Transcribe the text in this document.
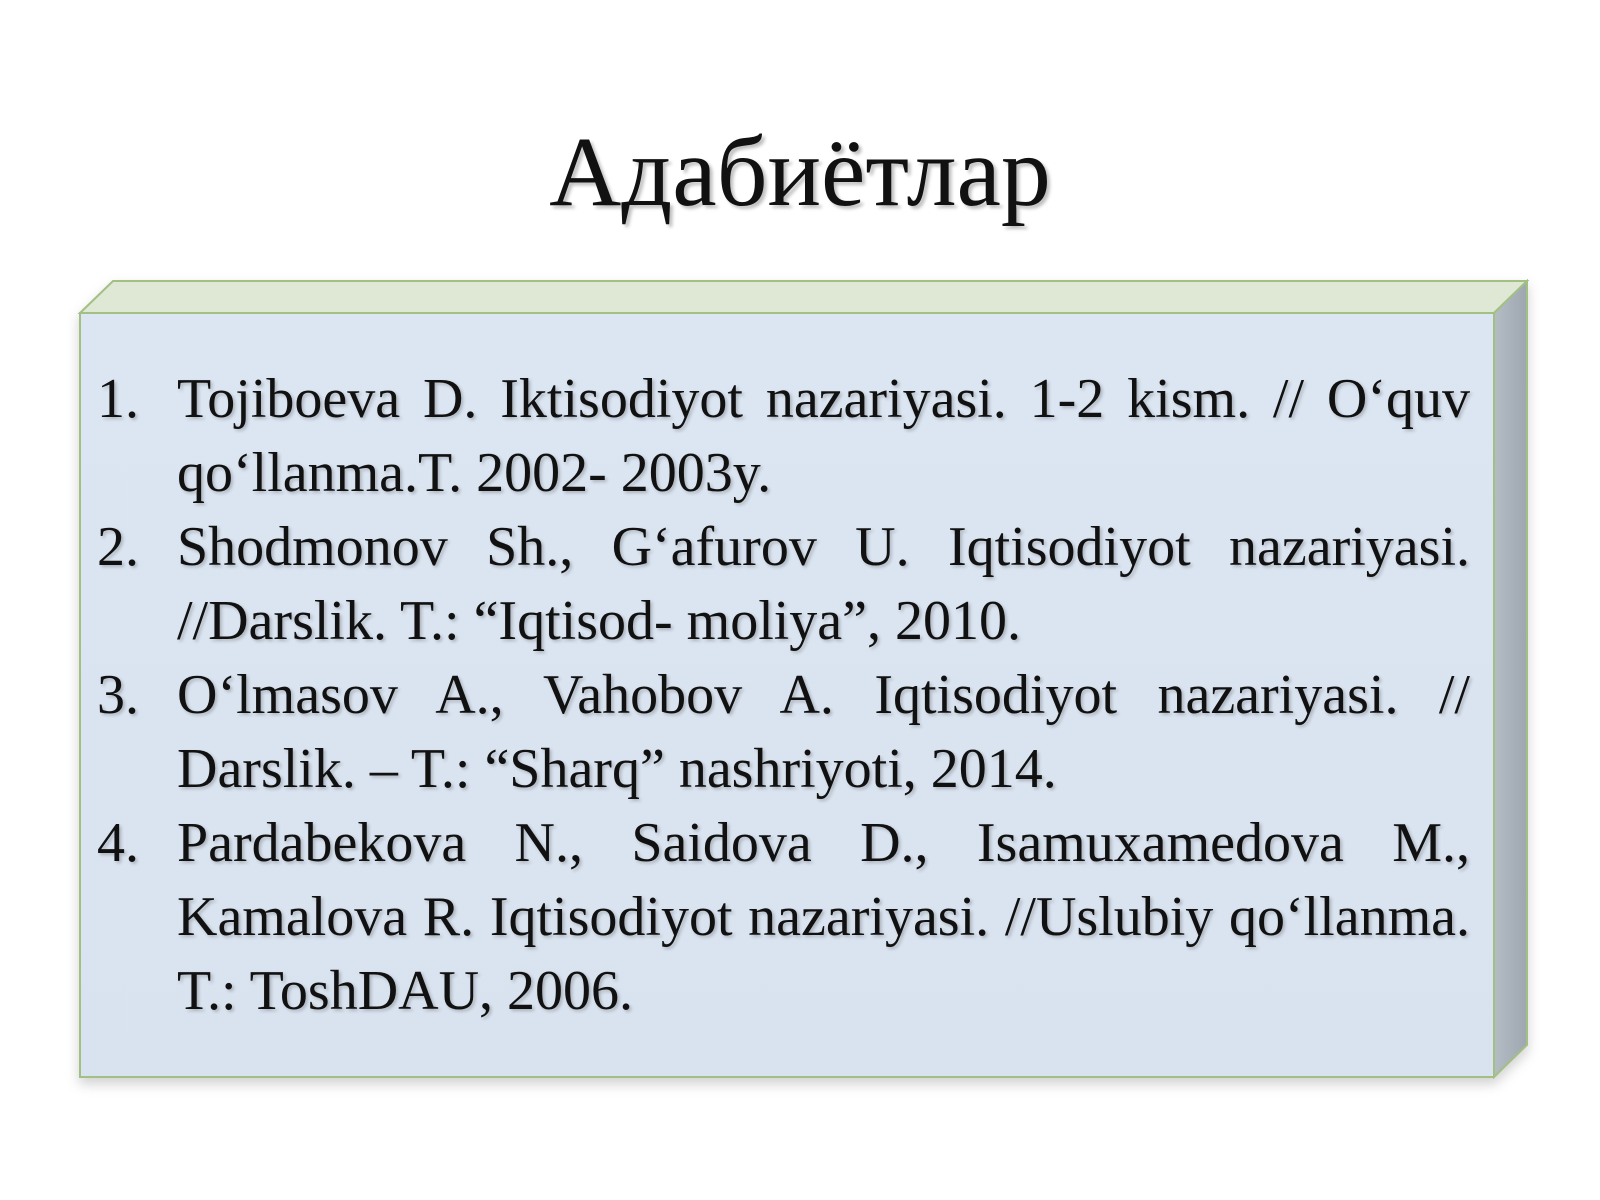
Адабиётлар
1. Tojiboeva D. Iktisodiyot nazariyasi. 1-2 kism. // O‘quv qo‘llanma.T. 2002- 2003y.
2. Shodmonov Sh., G‘afurov U. Iqtisodiyot nazariyasi. //Darslik. T.: “Iqtisod- moliya”, 2010.
3. O‘lmasov A., Vahobov A. Iqtisodiyot nazariyasi. // Darslik. – T.: “Sharq” nashriyoti, 2014.
4. Pardabekova N., Saidova D., Isamuxamedova M., Kamalova R. Iqtisodiyot nazariyasi. //Uslubiy qo‘llanma. T.: ToshDAU, 2006.
